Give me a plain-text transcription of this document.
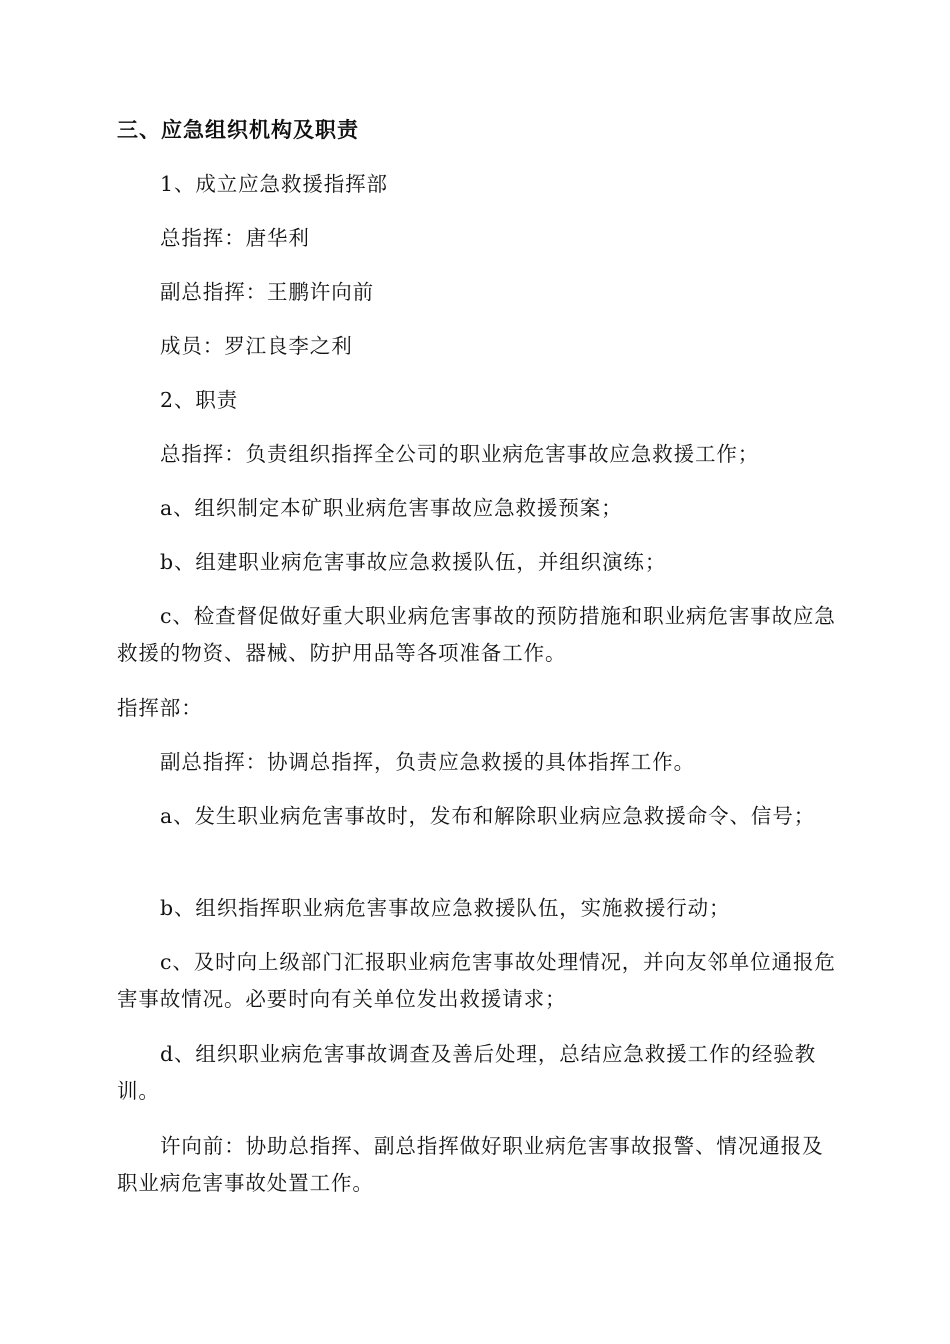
三、应急组织机构及职责
1、成立应急救援指挥部
总指挥：唐华利
副总指挥：王鹏许向前
成员：罗江良李之利
2、职责
总指挥：负责组织指挥全公司的职业病危害事故应急救援工作；
a、组织制定本矿职业病危害事故应急救援预案；
b、组建职业病危害事故应急救援队伍，并组织演练；
c、检查督促做好重大职业病危害事故的预防措施和职业病危害事故应急救援的物资、器械、防护用品等各项准备工作。
指挥部：
副总指挥：协调总指挥，负责应急救援的具体指挥工作。
a、发生职业病危害事故时，发布和解除职业病应急救援命令、信号；
b、组织指挥职业病危害事故应急救援队伍，实施救援行动；
c、及时向上级部门汇报职业病危害事故处理情况，并向友邻单位通报危害事故情况。必要时向有关单位发出救援请求；
d、组织职业病危害事故调查及善后处理，总结应急救援工作的经验教训。
许向前：协助总指挥、副总指挥做好职业病危害事故报警、情况通报及职业病危害事故处置工作。
